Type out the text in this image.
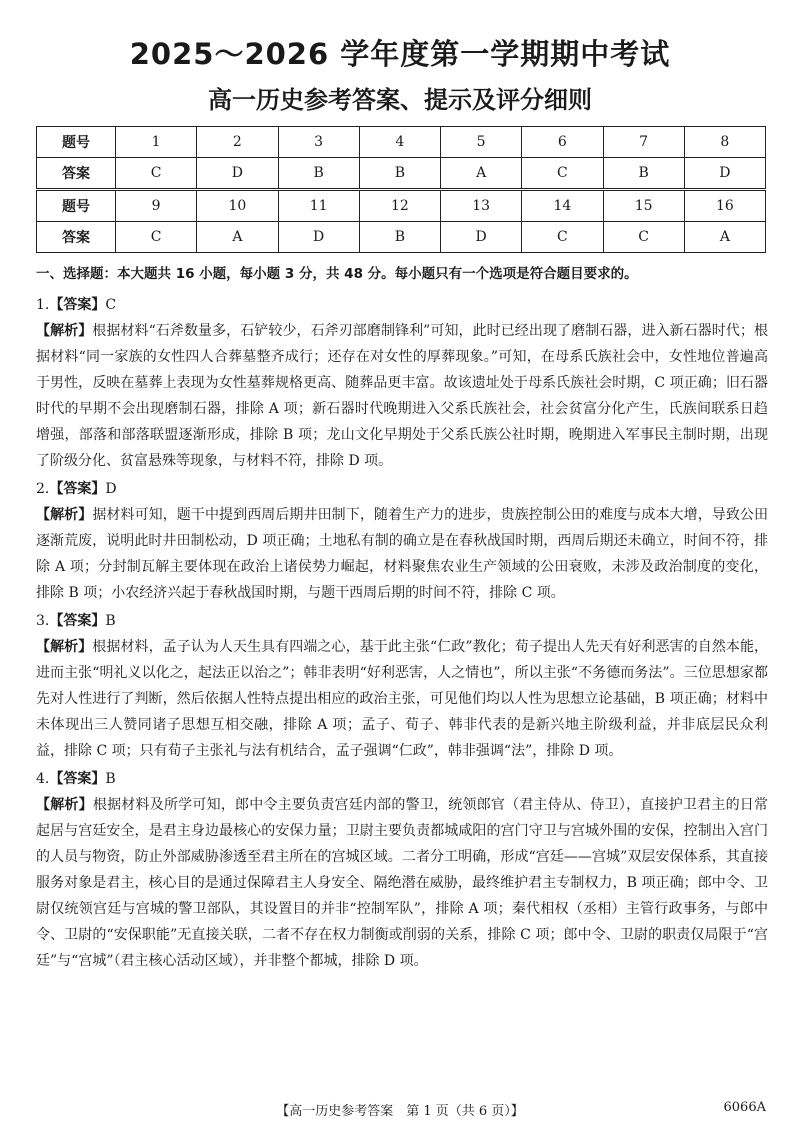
2025～2026 学年度第一学期期中考试
高一历史参考答案、提示及评分细则
题号	1	2	3	4	5	6	7	8
答案	C	D	B	B	A	C	B	D
题号	9	10	11	12	13	14	15	16
答案	C	A	D	B	D	C	C	A
一、选择题：本大题共 16 小题，每小题 3 分，共 48 分。每小题只有一个选项是符合题目要求的。
1.【答案】C

【解析】根据材料“石斧数量多，石铲较少，石斧刃部磨制锋利”可知，此时已经出现了磨制石器，进入新石器时代；根据材料“同一家族的女性四人合葬墓整齐成行；还存在对女性的厚葬现象。”可知，在母系氏族社会中，女性地位普遍高于男性，反映在墓葬上表现为女性墓葬规格更高、随葬品更丰富。故该遗址处于母系氏族社会时期，C 项正确；旧石器时代的早期不会出现磨制石器，排除 A 项；新石器时代晚期进入父系氏族社会，社会贫富分化产生，氏族间联系日趋增强，部落和部落联盟逐渐形成，排除 B 项；龙山文化早期处于父系氏族公社时期，晚期进入军事民主制时期，出现了阶级分化、贫富悬殊等现象，与材料不符，排除 D 项。

2.【答案】D

【解析】据材料可知，题干中提到西周后期井田制下，随着生产力的进步，贵族控制公田的难度与成本大增，导致公田逐渐荒废，说明此时井田制松动，D 项正确；土地私有制的确立是在春秋战国时期，西周后期还未确立，时间不符，排除 A 项；分封制瓦解主要体现在政治上诸侯势力崛起，材料聚焦农业生产领域的公田衰败，未涉及政治制度的变化，排除 B 项；小农经济兴起于春秋战国时期，与题干西周后期的时间不符，排除 C 项。

3.【答案】B

【解析】根据材料，孟子认为人天生具有四端之心，基于此主张“仁政”教化；荀子提出人先天有好利恶害的自然本能，进而主张“明礼义以化之，起法正以治之”；韩非表明“好利恶害，人之情也”，所以主张“不务德而务法”。三位思想家都先对人性进行了判断，然后依据人性特点提出相应的政治主张，可见他们均以人性为思想立论基础，B 项正确；材料中未体现出三人赞同诸子思想互相交融，排除 A 项；孟子、荀子、韩非代表的是新兴地主阶级利益，并非底层民众利益，排除 C 项；只有荀子主张礼与法有机结合，孟子强调“仁政”，韩非强调“法”，排除 D 项。

4.【答案】B

【解析】根据材料及所学可知，郎中令主要负责宫廷内部的警卫，统领郎官（君主侍从、侍卫），直接护卫君主的日常起居与宫廷安全，是君主身边最核心的安保力量；卫尉主要负责都城咸阳的宫门守卫与宫城外围的安保，控制出入宫门的人员与物资，防止外部威胁渗透至君主所在的宫城区域。二者分工明确，形成“宫廷——宫城”双层安保体系，其直接服务对象是君主，核心目的是通过保障君主人身安全、隔绝潜在威胁，最终维护君主专制权力，B 项正确；郎中令、卫尉仅统领宫廷与宫城的警卫部队，其设置目的并非“控制军队”，排除 A 项；秦代相权（丞相）主管行政事务，与郎中令、卫尉的“安保职能”无直接关联，二者不存在权力制衡或削弱的关系，排除 C 项；郎中令、卫尉的职责仅局限于“宫廷”与“宫城”（君主核心活动区域），并非整个都城，排除 D 项。

【高一历史参考答案　第 1 页（共 6 页）】	6066A
